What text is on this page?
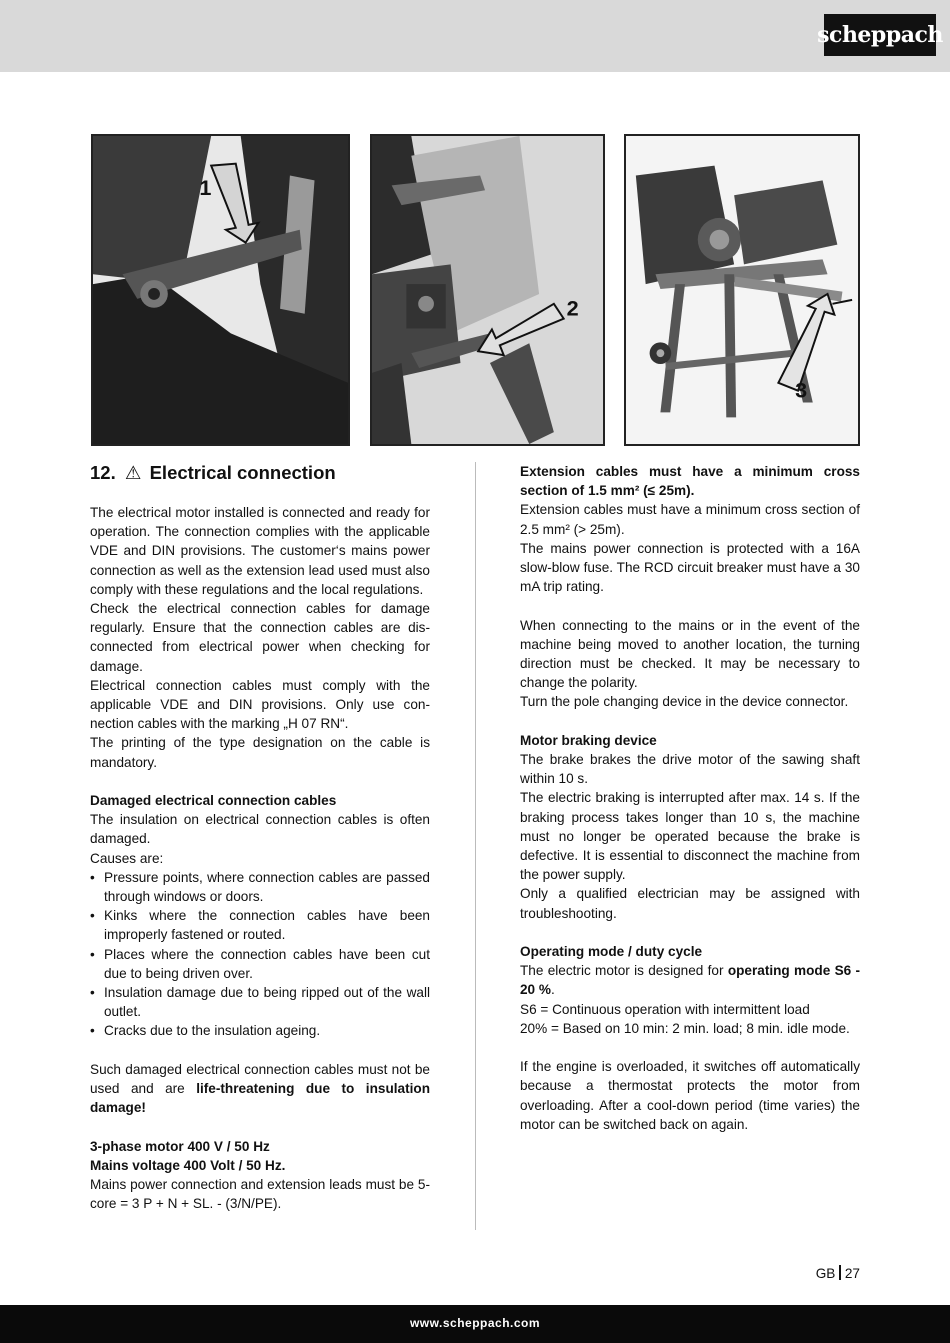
scheppach
1
2
3
12. ⚠ Electrical connection

The electrical motor installed is connected and ready for operation. The connection complies with the applicable VDE and DIN provisions. The customer‘s mains power connection as well as the extension lead used must also comply with these regulations and the local regulations.

Check the electrical connection cables for damage regularly. Ensure that the connection cables are disconnected from electrical power when checking for damage.

Electrical connection cables must comply with the applicable VDE and DIN provisions. Only use connection cables with the marking „H 07 RN“.

The printing of the type designation on the cable is mandatory.

Damaged electrical connection cables

The insulation on electrical connection cables is often damaged.

Causes are:

• Pressure points, where connection cables are passed through windows or doors.
• Kinks where the connection cables have been improperly fastened or routed.
• Places where the connection cables have been cut due to being driven over.
• Insulation damage due to being ripped out of the wall outlet.
• Cracks due to the insulation ageing.

Such damaged electrical connection cables must not be used and are life-threatening due to insulation damage!

3-phase motor 400 V / 50 Hz

Mains voltage 400 Volt / 50 Hz.

Mains power connection and extension leads must be 5-core = 3 P + N + SL. - (3/N/PE).

Extension cables must have a minimum cross section of 1.5 mm² (≤ 25m).

Extension cables must have a minimum cross section of 2.5 mm² (> 25m).

The mains power connection is protected with a 16A slow-blow fuse. The RCD circuit breaker must have a 30 mA trip rating.

When connecting to the mains or in the event of the machine being moved to another location, the turning direction must be checked. It may be necessary to change the polarity.

Turn the pole changing device in the device connector.

Motor braking device

The brake brakes the drive motor of the sawing shaft within 10 s.

The electric braking is interrupted after max. 14 s. If the braking process takes longer than 10 s, the machine must no longer be operated because the brake is defective. It is essential to disconnect the machine from the power supply.

Only a qualified electrician may be assigned with troubleshooting.

Operating mode / duty cycle

The electric motor is designed for operating mode S6 - 20 %.

S6 = Continuous operation with intermittent load

20% = Based on 10 min: 2 min. load; 8 min. idle mode.

If the engine is overloaded, it switches off automatically because a thermostat protects the motor from overloading. After a cool-down period (time varies) the motor can be switched back on again.

GB 27
www.scheppach.com
